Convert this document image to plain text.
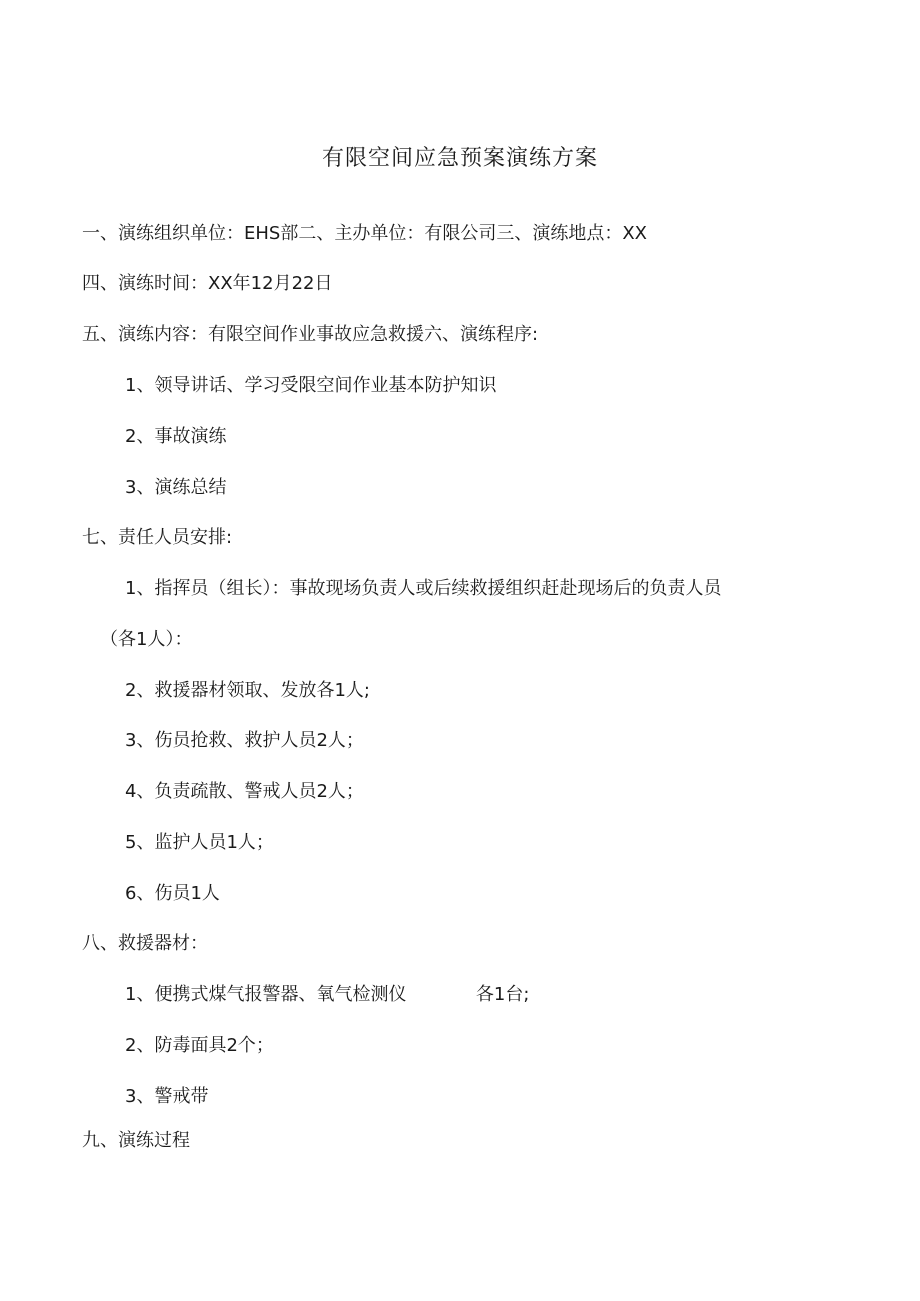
有限空间应急预案演练方案
一、演练组织单位：EHS部二、主办单位：有限公司三、演练地点：XX
四、演练时间：XX年12月22日
五、演练内容：有限空间作业事故应急救援六、演练程序:
1、领导讲话、学习受限空间作业基本防护知识
2、事故演练
3、演练总结
七、责任人员安排:
1、指挥员（组长）：事故现场负责人或后续救援组织赶赴现场后的负责人员
（各1人）：
2、救援器材领取、发放各1人;
3、伤员抢救、救护人员2人；
4、负责疏散、警戒人员2人；
5、监护人员1人；
6、伤员1人
八、救援器材：
1、便携式煤气报警器、氧气检测仪	各1台;
2、防毒面具2个；
3、警戒带
九、演练过程
